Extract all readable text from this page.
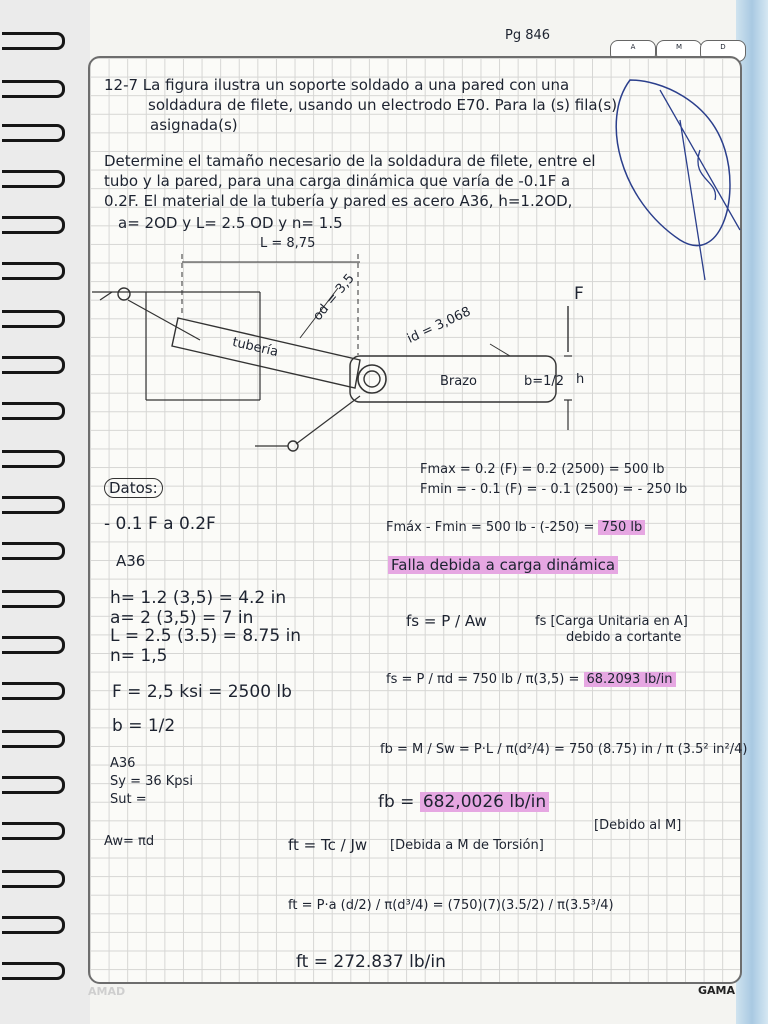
Pg 846
A	M	D
12-7 La figura ilustra un soporte soldado a una pared con una
soldadura de filete, usando un electrodo E70. Para la (s) fila(s)
asignada(s)
Determine el tamaño necesario de la soldadura de filete, entre el
tubo y la pared, para una carga dinámica que varía de -0.1F a
0.2F. El material de la tubería y pared es acero A36, h=1.2OD,
a= 2OD y L= 2.5 OD y n= 1.5
L = 8,75
od = 3,5
id = 3,068
tubería
Brazo	b=1/2 h
F
Datos:
- 0.1 F a 0.2F
A36
h= 1.2 (3,5) = 4.2 in
a= 2 (3,5) = 7 in
L = 2.5 (3.5) = 8.75 in
n= 1,5
F = 2,5 ksi = 2500 lb
b = 1/2
A36
Sy = 36 Kpsi
Sut =
Aw= πd
Fmax = 0.2 (F) = 0.2 (2500) = 500 lb
Fmin = - 0.1 (F) = - 0.1 (2500) = - 250 lb
Fmáx - Fmin = 500 lb - (-250) = 750 lb
Falla debida a carga dinámica
fs = P / Aw	fs [Carga Unitaria en A]
debido a cortante
fs = P / πd = 750 lb / π(3,5) = 68.2093 lb/in
fb = M / Sw = P·L / π(d²/4) = 750 (8.75) in / π (3.5² in²/4)
fb = 682,0026 lb/in
[Debido al M]
ft = Tc / Jw [Debida a M de Torsión]
ft = P·a (d/2) / π(d³/4) = (750)(7)(3.5/2) / π(3.5³/4)
ft = 272.837 lb/in
AMAD	GAMA
